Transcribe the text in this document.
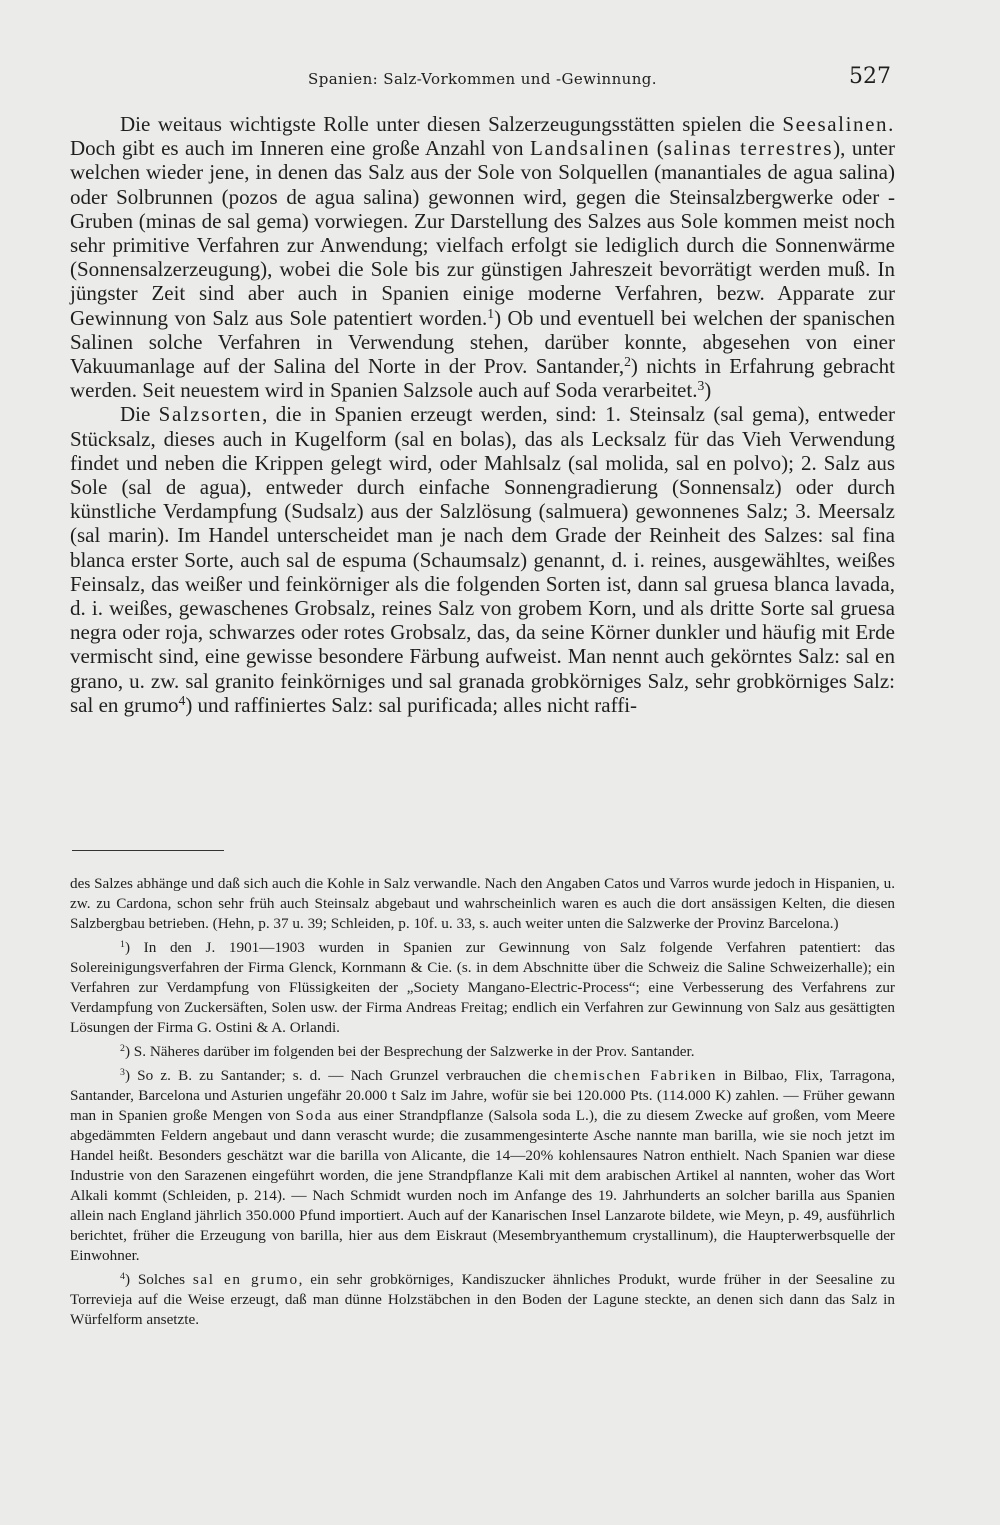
Spanien: Salz-Vorkommen und -Gewinnung.	527

Die weitaus wichtigste Rolle unter diesen Salzerzeugungsstätten spielen die Seesalinen. Doch gibt es auch im Inneren eine große Anzahl von Landsalinen (salinas terrestres), unter welchen wieder jene, in denen das Salz aus der Sole von Solquellen (manantiales de agua salina) oder Solbrunnen (pozos de agua salina) gewonnen wird, gegen die Steinsalzbergwerke oder -Gruben (minas de sal gema) vorwiegen. Zur Darstellung des Salzes aus Sole kommen meist noch sehr primitive Verfahren zur Anwendung; vielfach erfolgt sie lediglich durch die Sonnenwärme (Sonnensalzerzeugung), wobei die Sole bis zur günstigen Jahreszeit bevorrätigt werden muß. In jüngster Zeit sind aber auch in Spanien einige moderne Verfahren, bezw. Apparate zur Gewinnung von Salz aus Sole patentiert worden.$^1$) Ob und eventuell bei welchen der spanischen Salinen solche Verfahren in Verwendung stehen, darüber konnte, abgesehen von einer Vakuumanlage auf der Salina del Norte in der Prov. Santander,$^2$) nichts in Erfahrung gebracht werden. Seit neuestem wird in Spanien Salzsole auch auf Soda verarbeitet.$^3$)

Die Salzsorten, die in Spanien erzeugt werden, sind: 1. Steinsalz (sal gema), entweder Stücksalz, dieses auch in Kugelform (sal en bolas), das als Lecksalz für das Vieh Verwendung findet und neben die Krippen gelegt wird, oder Mahlsalz (sal molida, sal en polvo); 2. Salz aus Sole (sal de agua), entweder durch einfache Sonnengradierung (Sonnensalz) oder durch künstliche Verdampfung (Sudsalz) aus der Salzlösung (salmuera) gewonnenes Salz; 3. Meersalz (sal marin). Im Handel unterscheidet man je nach dem Grade der Reinheit des Salzes: sal fina blanca erster Sorte, auch sal de espuma (Schaumsalz) genannt, d. i. reines, ausgewähltes, weißes Feinsalz, das weißer und feinkörniger als die folgenden Sorten ist, dann sal gruesa blanca lavada, d. i. weißes, gewaschenes Grobsalz, reines Salz von grobem Korn, und als dritte Sorte sal gruesa negra oder roja, schwarzes oder rotes Grobsalz, das, da seine Körner dunkler und häufig mit Erde vermischt sind, eine gewisse besondere Färbung aufweist. Man nennt auch gekörntes Salz: sal en grano, u. zw. sal granito feinkörniges und sal granada grobkörniges Salz, sehr grobkörniges Salz: sal en grumo$^4$) und raffiniertes Salz: sal purificada; alles nicht raffi-

des Salzes abhänge und daß sich auch die Kohle in Salz verwandle. Nach den Angaben Catos und Varros wurde jedoch in Hispanien, u. zw. zu Cardona, schon sehr früh auch Steinsalz abgebaut und wahrscheinlich waren es auch die dort ansässigen Kelten, die diesen Salzbergbau betrieben. (Hehn, p. 37 u. 39; Schleiden, p. 10f. u. 33, s. auch weiter unten die Salzwerke der Provinz Barcelona.)

$^1$) In den J. 1901—1903 wurden in Spanien zur Gewinnung von Salz folgende Verfahren patentiert: das Solereinigungsverfahren der Firma Glenck, Kornmann & Cie. (s. in dem Abschnitte über die Schweiz die Saline Schweizerhalle); ein Verfahren zur Verdampfung von Flüssigkeiten der „Society Mangano-Electric-Process“; eine Verbesserung des Verfahrens zur Verdampfung von Zuckersäften, Solen usw. der Firma Andreas Freitag; endlich ein Verfahren zur Gewinnung von Salz aus gesättigten Lösungen der Firma G. Ostini & A. Orlandi.

$^2$) S. Näheres darüber im folgenden bei der Besprechung der Salzwerke in der Prov. Santander.

$^3$) So z. B. zu Santander; s. d. — Nach Grunzel verbrauchen die chemischen Fabriken in Bilbao, Flix, Tarragona, Santander, Barcelona und Asturien ungefähr 20.000 t Salz im Jahre, wofür sie bei 120.000 Pts. (114.000 K) zahlen. — Früher gewann man in Spanien große Mengen von Soda aus einer Strandpflanze (Salsola soda L.), die zu diesem Zwecke auf großen, vom Meere abgedämmten Feldern angebaut und dann verascht wurde; die zusammengesinterte Asche nannte man barilla, wie sie noch jetzt im Handel heißt. Besonders geschätzt war die barilla von Alicante, die 14—20% kohlensaures Natron enthielt. Nach Spanien war diese Industrie von den Sarazenen eingeführt worden, die jene Strandpflanze Kali mit dem arabischen Artikel al nannten, woher das Wort Alkali kommt (Schleiden, p. 214). — Nach Schmidt wurden noch im Anfange des 19. Jahrhunderts an solcher barilla aus Spanien allein nach England jährlich 350.000 Pfund importiert. Auch auf der Kanarischen Insel Lanzarote bildete, wie Meyn, p. 49, ausführlich berichtet, früher die Erzeugung von barilla, hier aus dem Eiskraut (Mesembryanthemum crystallinum), die Haupterwerbsquelle der Einwohner.

$^4$) Solches sal en grumo, ein sehr grobkörniges, Kandiszucker ähnliches Produkt, wurde früher in der Seesaline zu Torrevieja auf die Weise erzeugt, daß man dünne Holzstäbchen in den Boden der Lagune steckte, an denen sich dann das Salz in Würfelform ansetzte.
